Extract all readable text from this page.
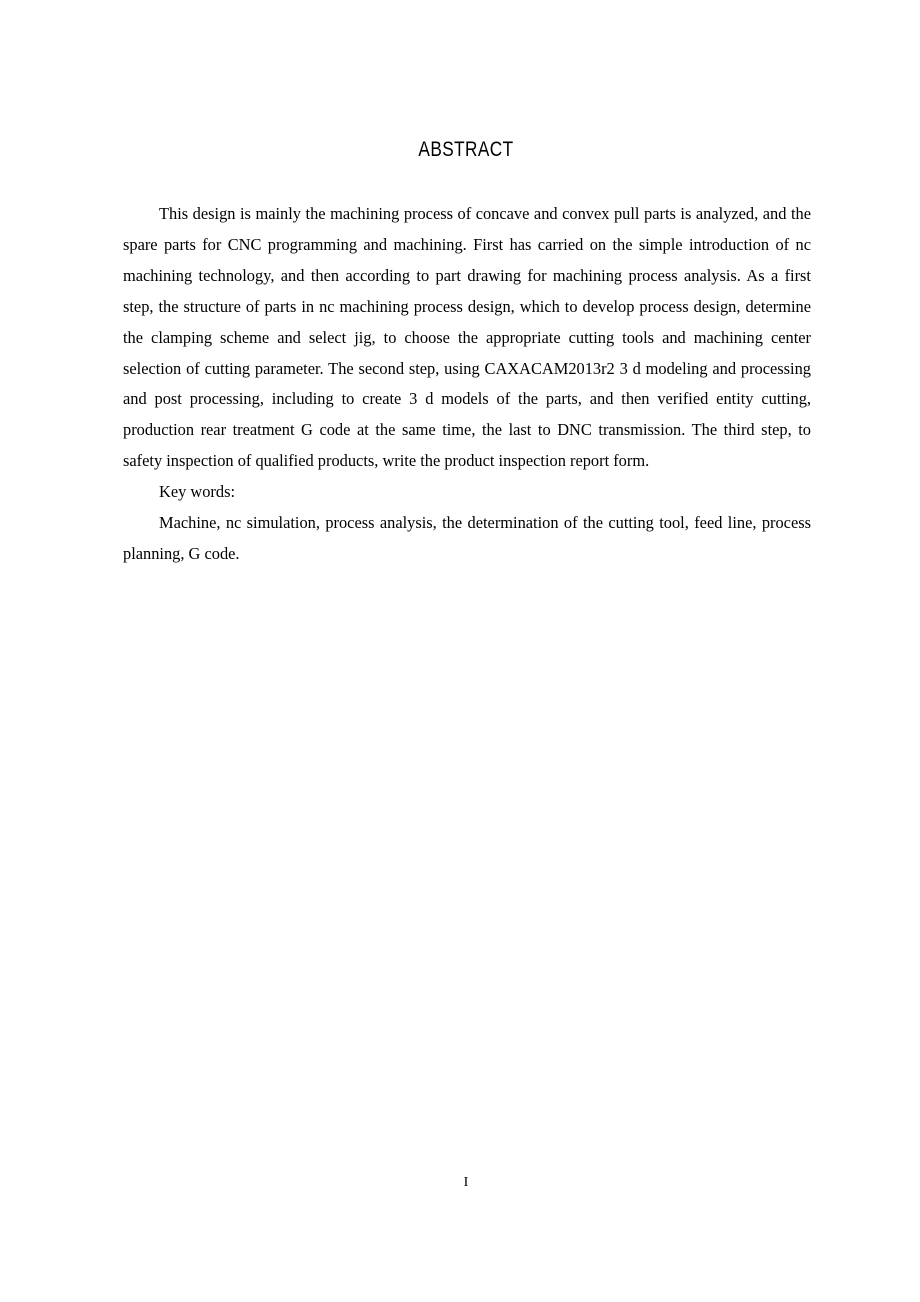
ABSTRACT

This design is mainly the machining process of concave and convex pull parts is analyzed, and the spare parts for CNC programming and machining. First has carried on the simple introduction of nc machining technology, and then according to part drawing for machining process analysis. As a first step, the structure of parts in nc machining process design, which to develop process design, determine the clamping scheme and select jig, to choose the appropriate cutting tools and machining center selection of cutting parameter. The second step, using CAXACAM2013r2 3 d modeling and processing and post processing, including to create 3 d models of the parts, and then verified entity cutting, production rear treatment G code at the same time, the last to DNC transmission. The third step, to safety inspection of qualified products, write the product inspection report form.

Key words:

Machine, nc simulation, process analysis, the determination of the cutting tool, feed line, process planning, G code.

I
